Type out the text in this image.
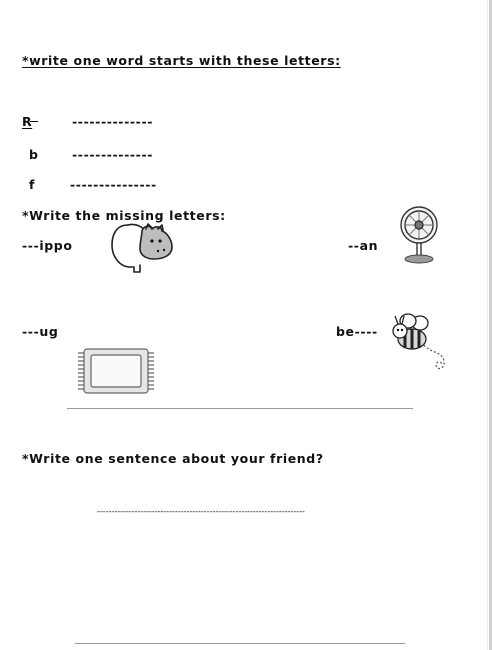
*write one word starts with these letters:
R	--------------
b	--------------
f	---------------
*Write the missing letters:
---ippo	--an
---ug	be----
*Write one sentence about your friend?
------------------------------------------------------------------------
